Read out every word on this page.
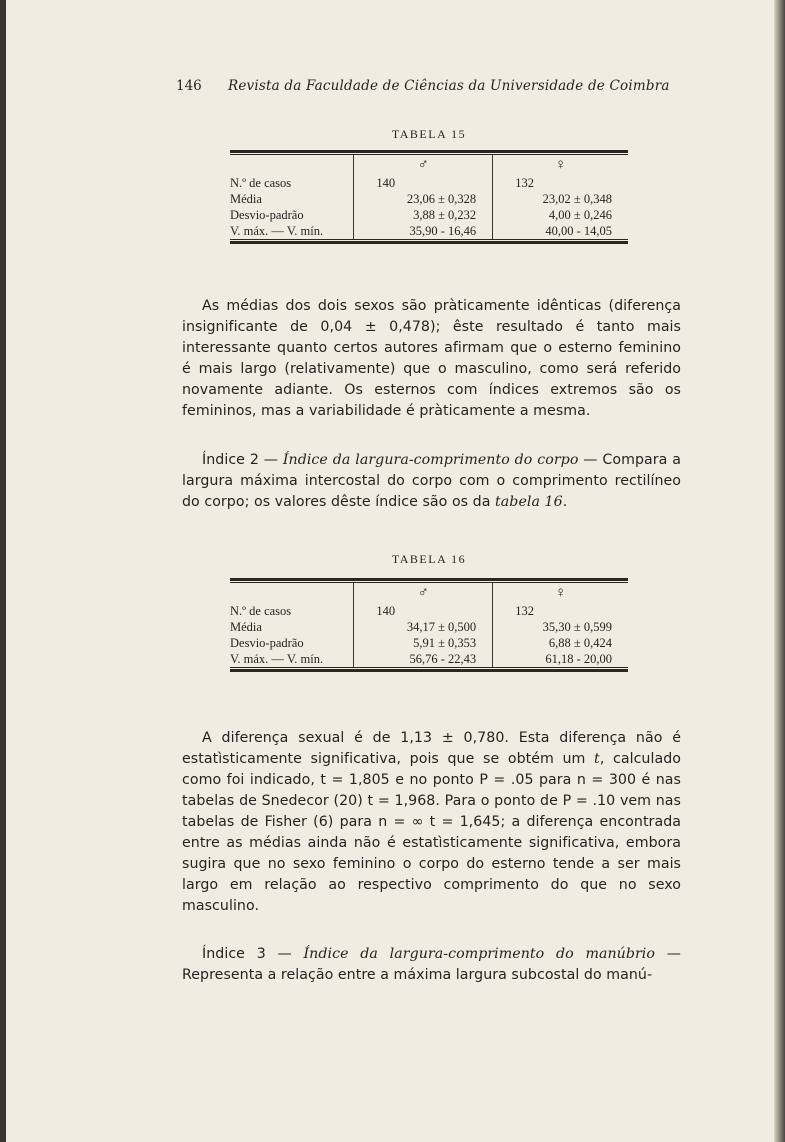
146 Revista da Faculdade de Ciências da Universidade de Coimbra
TABELA 15
	♂	♀
N.º de casos	140	132
Média	23,06 ± 0,328	23,02 ± 0,348
Desvio-padrão	3,88 ± 0,232	4,00 ± 0,246
V. máx. — V. mín.	35,90 - 16,46	40,00 - 14,05

As médias dos dois sexos são pràticamente idênticas (diferença insignificante de 0,04 ± 0,478); êste resultado é tanto mais interessante quanto certos autores afirmam que o esterno feminino é mais largo (relativamente) que o masculino, como será referido novamente adiante. Os esternos com índices extremos são os femininos, mas a variabilidade é pràticamente a mesma.

Índice 2 — Índice da largura-comprimento do corpo — Compara a largura máxima intercostal do corpo com o comprimento rectilíneo do corpo; os valores dêste índice são os da tabela 16.

TABELA 16
	♂	♀
N.º de casos	140	132
Média	34,17 ± 0,500	35,30 ± 0,599
Desvio-padrão	5,91 ± 0,353	6,88 ± 0,424
V. máx. — V. mín.	56,76 - 22,43	61,18 - 20,00

A diferença sexual é de 1,13 ± 0,780. Esta diferença não é estatìsticamente significativa, pois que se obtém um t, calculado como foi indicado, t = 1,805 e no ponto P = .05 para n = 300 é nas tabelas de Snedecor (20) t = 1,968. Para o ponto de P = .10 vem nas tabelas de Fisher (6) para n = ∞ t = 1,645; a diferença encontrada entre as médias ainda não é estatìsticamente significativa, embora sugira que no sexo feminino o corpo do esterno tende a ser mais largo em relação ao respectivo comprimento do que no sexo masculino.

Índice 3 — Índice da largura-comprimento do manúbrio — Representa a relação entre a máxima largura subcostal do manú-
